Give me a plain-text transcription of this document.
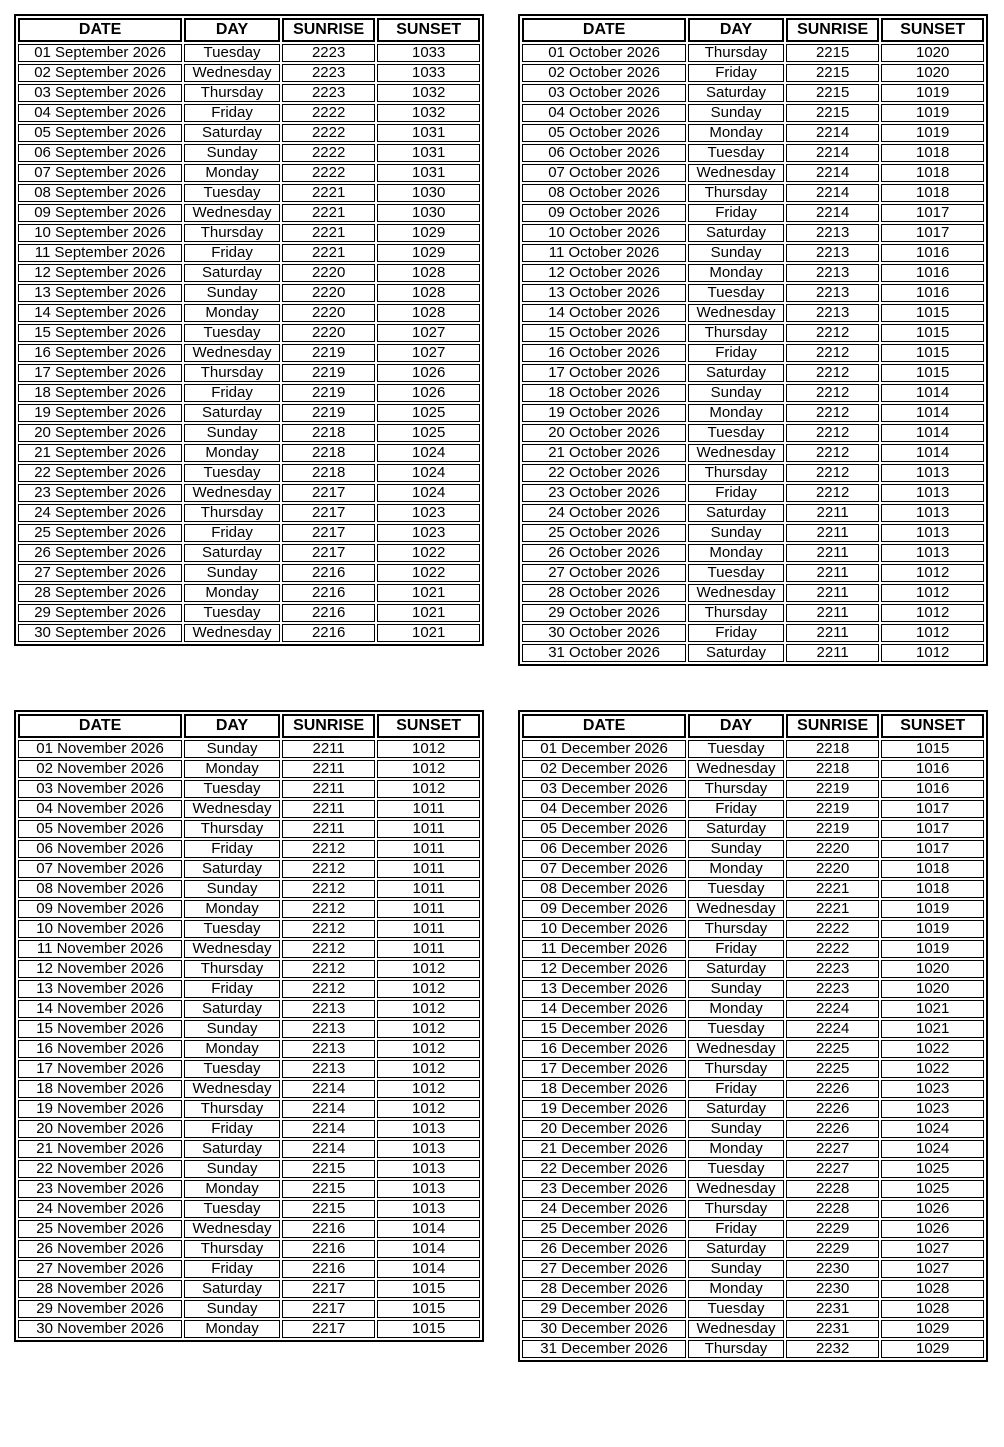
DATE	DAY	SUNRISE	SUNSET
01 September 2026	Tuesday	2223	1033
02 September 2026	Wednesday	2223	1033
03 September 2026	Thursday	2223	1032
04 September 2026	Friday	2222	1032
05 September 2026	Saturday	2222	1031
06 September 2026	Sunday	2222	1031
07 September 2026	Monday	2222	1031
08 September 2026	Tuesday	2221	1030
09 September 2026	Wednesday	2221	1030
10 September 2026	Thursday	2221	1029
11 September 2026	Friday	2221	1029
12 September 2026	Saturday	2220	1028
13 September 2026	Sunday	2220	1028
14 September 2026	Monday	2220	1028
15 September 2026	Tuesday	2220	1027
16 September 2026	Wednesday	2219	1027
17 September 2026	Thursday	2219	1026
18 September 2026	Friday	2219	1026
19 September 2026	Saturday	2219	1025
20 September 2026	Sunday	2218	1025
21 September 2026	Monday	2218	1024
22 September 2026	Tuesday	2218	1024
23 September 2026	Wednesday	2217	1024
24 September 2026	Thursday	2217	1023
25 September 2026	Friday	2217	1023
26 September 2026	Saturday	2217	1022
27 September 2026	Sunday	2216	1022
28 September 2026	Monday	2216	1021
29 September 2026	Tuesday	2216	1021
30 September 2026	Wednesday	2216	1021
DATE	DAY	SUNRISE	SUNSET
01 October 2026	Thursday	2215	1020
02 October 2026	Friday	2215	1020
03 October 2026	Saturday	2215	1019
04 October 2026	Sunday	2215	1019
05 October 2026	Monday	2214	1019
06 October 2026	Tuesday	2214	1018
07 October 2026	Wednesday	2214	1018
08 October 2026	Thursday	2214	1018
09 October 2026	Friday	2214	1017
10 October 2026	Saturday	2213	1017
11 October 2026	Sunday	2213	1016
12 October 2026	Monday	2213	1016
13 October 2026	Tuesday	2213	1016
14 October 2026	Wednesday	2213	1015
15 October 2026	Thursday	2212	1015
16 October 2026	Friday	2212	1015
17 October 2026	Saturday	2212	1015
18 October 2026	Sunday	2212	1014
19 October 2026	Monday	2212	1014
20 October 2026	Tuesday	2212	1014
21 October 2026	Wednesday	2212	1014
22 October 2026	Thursday	2212	1013
23 October 2026	Friday	2212	1013
24 October 2026	Saturday	2211	1013
25 October 2026	Sunday	2211	1013
26 October 2026	Monday	2211	1013
27 October 2026	Tuesday	2211	1012
28 October 2026	Wednesday	2211	1012
29 October 2026	Thursday	2211	1012
30 October 2026	Friday	2211	1012
31 October 2026	Saturday	2211	1012
DATE	DAY	SUNRISE	SUNSET
01 November 2026	Sunday	2211	1012
02 November 2026	Monday	2211	1012
03 November 2026	Tuesday	2211	1012
04 November 2026	Wednesday	2211	1011
05 November 2026	Thursday	2211	1011
06 November 2026	Friday	2212	1011
07 November 2026	Saturday	2212	1011
08 November 2026	Sunday	2212	1011
09 November 2026	Monday	2212	1011
10 November 2026	Tuesday	2212	1011
11 November 2026	Wednesday	2212	1011
12 November 2026	Thursday	2212	1012
13 November 2026	Friday	2212	1012
14 November 2026	Saturday	2213	1012
15 November 2026	Sunday	2213	1012
16 November 2026	Monday	2213	1012
17 November 2026	Tuesday	2213	1012
18 November 2026	Wednesday	2214	1012
19 November 2026	Thursday	2214	1012
20 November 2026	Friday	2214	1013
21 November 2026	Saturday	2214	1013
22 November 2026	Sunday	2215	1013
23 November 2026	Monday	2215	1013
24 November 2026	Tuesday	2215	1013
25 November 2026	Wednesday	2216	1014
26 November 2026	Thursday	2216	1014
27 November 2026	Friday	2216	1014
28 November 2026	Saturday	2217	1015
29 November 2026	Sunday	2217	1015
30 November 2026	Monday	2217	1015
DATE	DAY	SUNRISE	SUNSET
01 December 2026	Tuesday	2218	1015
02 December 2026	Wednesday	2218	1016
03 December 2026	Thursday	2219	1016
04 December 2026	Friday	2219	1017
05 December 2026	Saturday	2219	1017
06 December 2026	Sunday	2220	1017
07 December 2026	Monday	2220	1018
08 December 2026	Tuesday	2221	1018
09 December 2026	Wednesday	2221	1019
10 December 2026	Thursday	2222	1019
11 December 2026	Friday	2222	1019
12 December 2026	Saturday	2223	1020
13 December 2026	Sunday	2223	1020
14 December 2026	Monday	2224	1021
15 December 2026	Tuesday	2224	1021
16 December 2026	Wednesday	2225	1022
17 December 2026	Thursday	2225	1022
18 December 2026	Friday	2226	1023
19 December 2026	Saturday	2226	1023
20 December 2026	Sunday	2226	1024
21 December 2026	Monday	2227	1024
22 December 2026	Tuesday	2227	1025
23 December 2026	Wednesday	2228	1025
24 December 2026	Thursday	2228	1026
25 December 2026	Friday	2229	1026
26 December 2026	Saturday	2229	1027
27 December 2026	Sunday	2230	1027
28 December 2026	Monday	2230	1028
29 December 2026	Tuesday	2231	1028
30 December 2026	Wednesday	2231	1029
31 December 2026	Thursday	2232	1029
